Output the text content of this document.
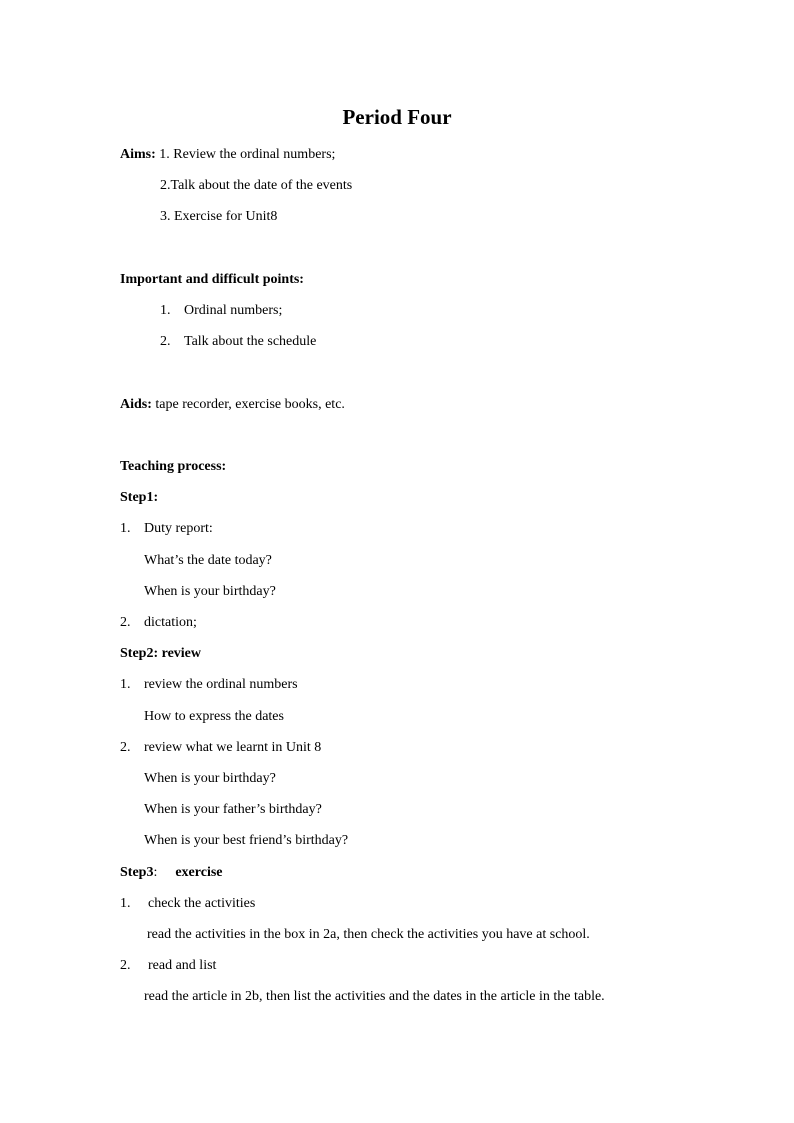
Period Four
Aims: 1. Review the ordinal numbers;
2.Talk about the date of the events
3. Exercise for Unit8
Important and difficult points:
1. Ordinal numbers;
2. Talk about the schedule
Aids: tape recorder, exercise books, etc.
Teaching process:
Step1:
1. Duty report:
What’s the date today?
When is your birthday?
2. dictation;
Step2: review
1. review the ordinal numbers
How to express the dates
2. review what we learnt in Unit 8
When is your birthday?
When is your father’s birthday?
When is your best friend’s birthday?
Step3: exercise
1. check the activities
read the activities in the box in 2a, then check the activities you have at school.
2. read and list
read the article in 2b, then list the activities and the dates in the article in the table.
